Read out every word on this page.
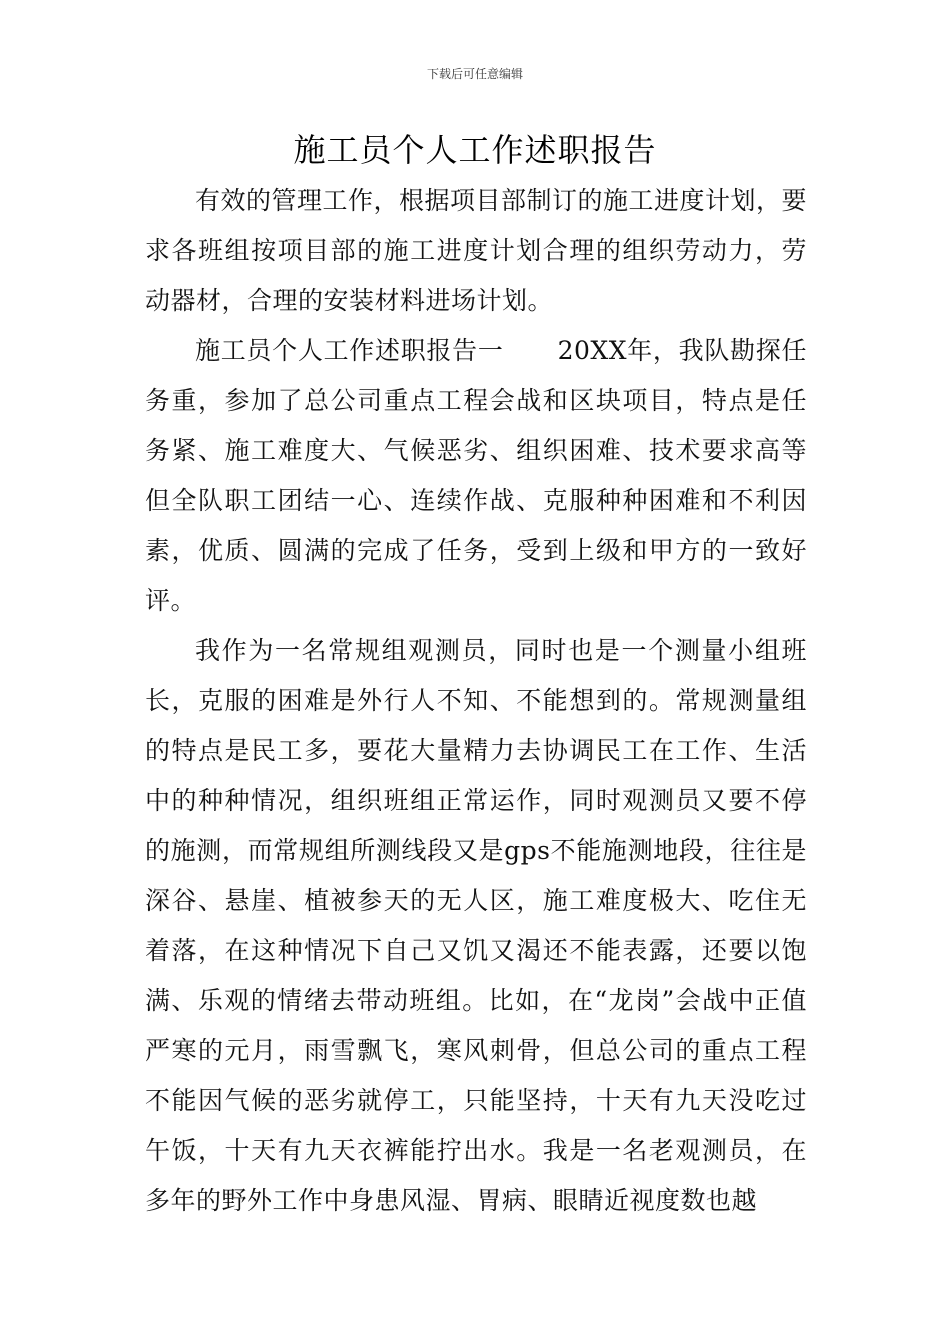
下载后可任意编辑
施工员个人工作述职报告

有效的管理工作，根据项目部制订的施工进度计划，要求各班组按项目部的施工进度计划合理的组织劳动力，劳动器材，合理的安装材料进场计划。

施工员个人工作述职报告一 20XX年，我队勘探任务重，参加了总公司重点工程会战和区块项目，特点是任务紧、施工难度大、气候恶劣、组织困难、技术要求高等但全队职工团结一心、连续作战、克服种种困难和不利因素，优质、圆满的完成了任务，受到上级和甲方的一致好评。

我作为一名常规组观测员，同时也是一个测量小组班长，克服的困难是外行人不知、不能想到的。常规测量组的特点是民工多，要花大量精力去协调民工在工作、生活中的种种情况，组织班组正常运作，同时观测员又要不停的施测，而常规组所测线段又是gps不能施测地段，往往是深谷、悬崖、植被参天的无人区，施工难度极大、吃住无着落，在这种情况下自己又饥又渴还不能表露，还要以饱满、乐观的情绪去带动班组。比如，在“龙岗”会战中正值严寒的元月，雨雪飘飞，寒风刺骨，但总公司的重点工程不能因气候的恶劣就停工，只能坚持，十天有九天没吃过午饭，十天有九天衣裤能拧出水。我是一名老观测员，在多年的野外工作中身患风湿、胃病、眼睛近视度数也越
